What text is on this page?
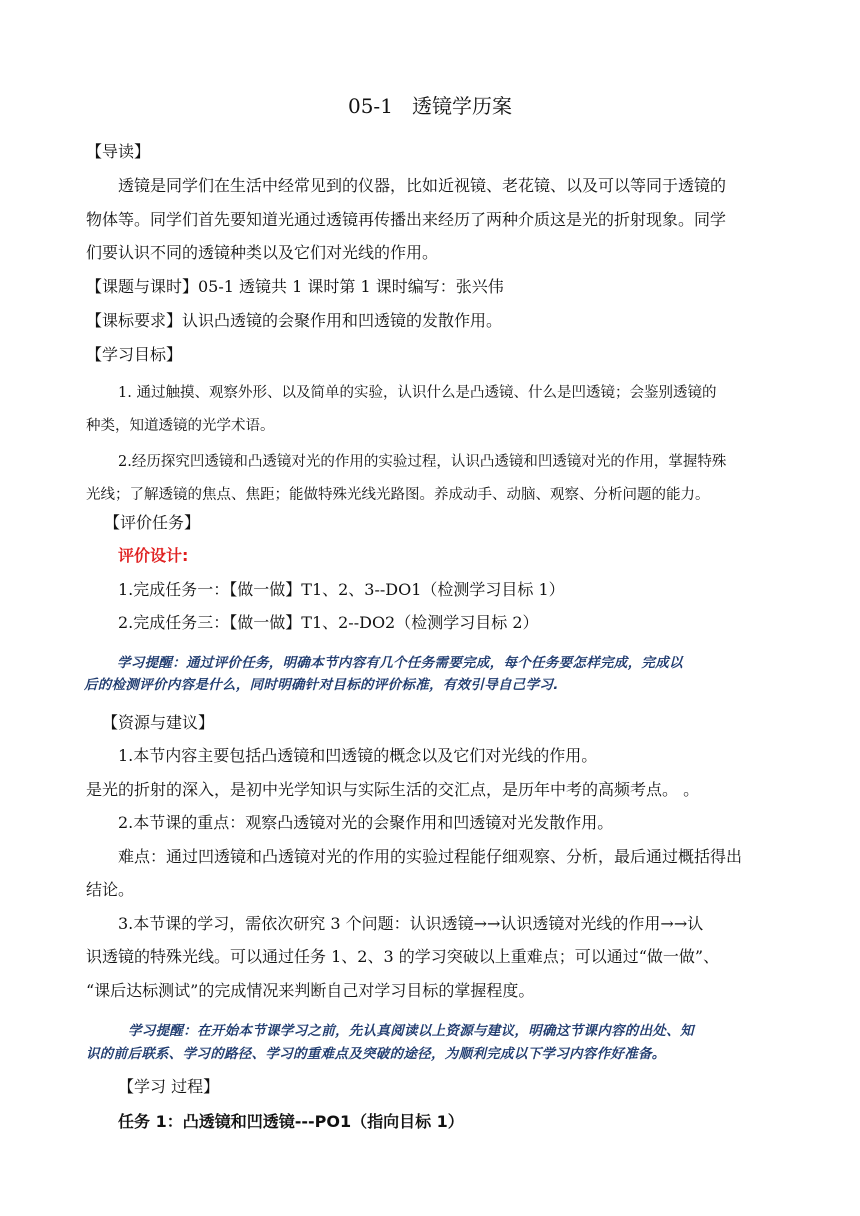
05-1   透镜学历案
【导读】
透镜是同学们在生活中经常见到的仪器，比如近视镜、老花镜、以及可以等同于透镜的
物体等。同学们首先要知道光通过透镜再传播出来经历了两种介质这是光的折射现象。同学
们要认识不同的透镜种类以及它们对光线的作用。
【课题与课时】05-1 透镜共 1 课时第 1 课时编写：张兴伟
【课标要求】认识凸透镜的会聚作用和凹透镜的发散作用。
【学习目标】
1. 通过触摸、观察外形、以及简单的实验，认识什么是凸透镜、什么是凹透镜；会鉴别透镜的
种类，知道透镜的光学术语。
2.经历探究凹透镜和凸透镜对光的作用的实验过程，认识凸透镜和凹透镜对光的作用，掌握特殊
光线；了解透镜的焦点、焦距；能做特殊光线光路图。养成动手、动脑、观察、分析问题的能力。
【评价任务】
评价设计:
1.完成任务一：【做一做】T1、2、3--DO1（检测学习目标 1）
2.完成任务三：【做一做】T1、2--DO2（检测学习目标 2）
学习提醒：通过评价任务，明确本节内容有几个任务需要完成，每个任务要怎样完成，完成以
后的检测评价内容是什么，同时明确针对目标的评价标准，有效引导自己学习.
【资源与建议】
1.本节内容主要包括凸透镜和凹透镜的概念以及它们对光线的作用。
是光的折射的深入，是初中光学知识与实际生活的交汇点，是历年中考的高频考点。 。
2.本节课的重点：观察凸透镜对光的会聚作用和凹透镜对光发散作用。
难点：通过凹透镜和凸透镜对光的作用的实验过程能仔细观察、分析，最后通过概括得出
结论。
3.本节课的学习，需依次研究 3 个问题：认识透镜→→认识透镜对光线的作用→→认
识透镜的特殊光线。可以通过任务 1、2、3 的学习突破以上重难点；可以通过“做一做”、
“课后达标测试”的完成情况来判断自己对学习目标的掌握程度。
学习提醒：在开始本节课学习之前，先认真阅读以上资源与建议，明确这节课内容的出处、知
识的前后联系、学习的路径、学习的重难点及突破的途径，为顺利完成以下学习内容作好准备。
【学习 过程】
任务 1：凸透镜和凹透镜---PO1（指向目标 1）
